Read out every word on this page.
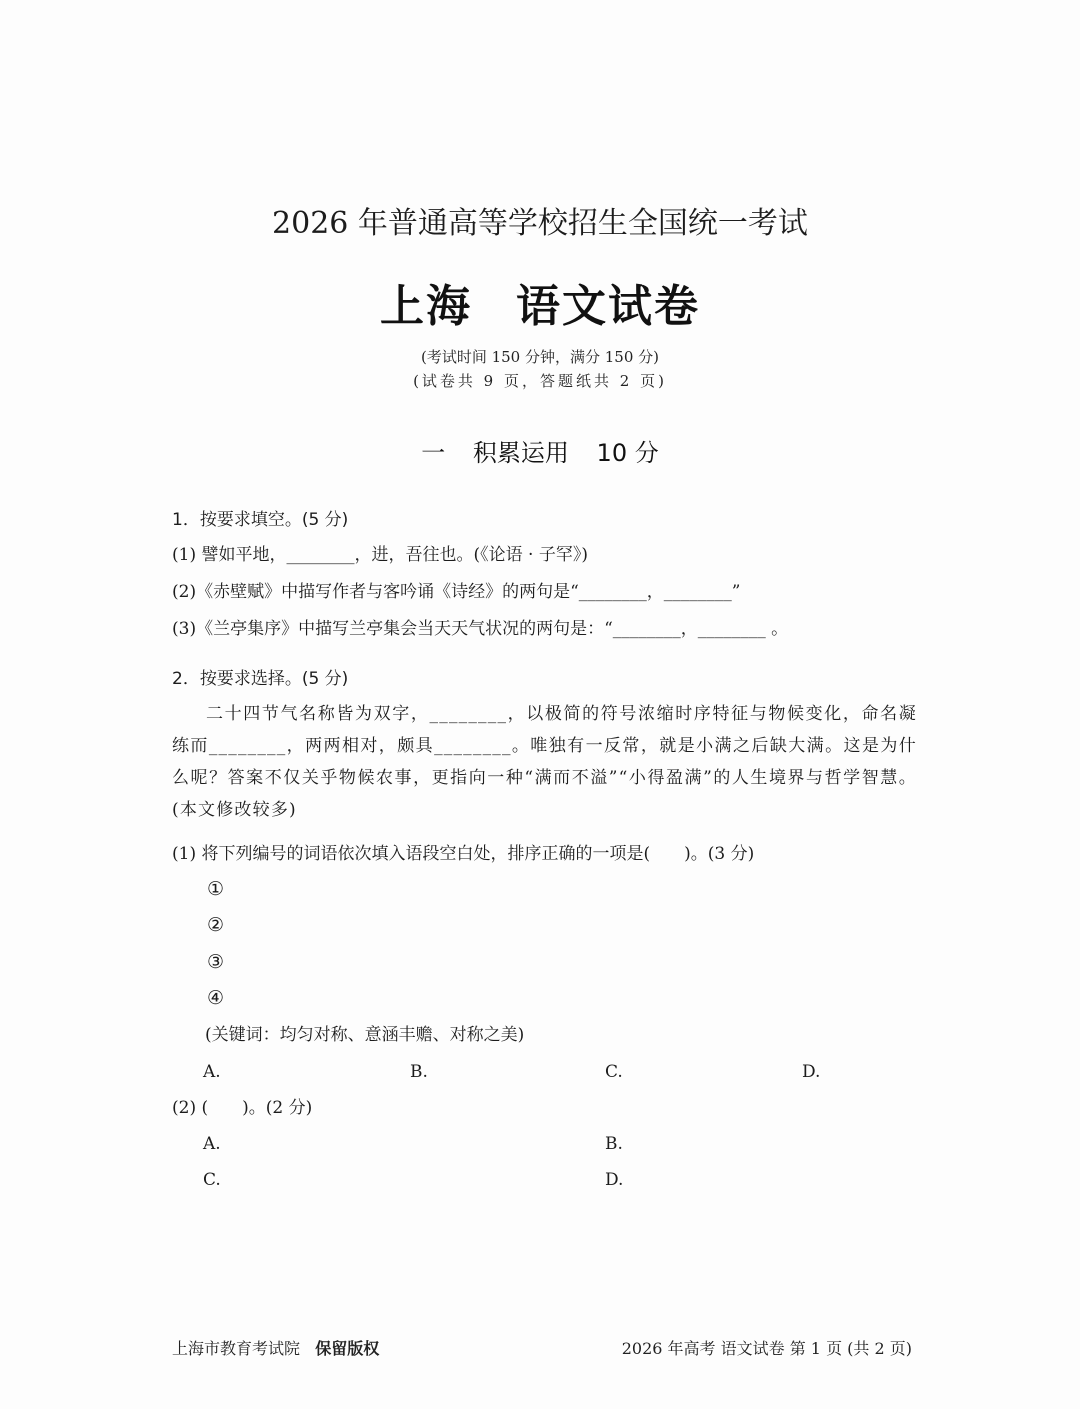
2026 年普通高等学校招生全国统一考试
上海 语文试卷
(考试时间 150 分钟，满分 150 分)
(试卷共 9 页，答题纸共 2 页)
一 积累运用 10 分
1．按要求填空。(5 分)
(1) 譬如平地，________，进，吾往也。(《论语 · 子罕》)
(2)《赤壁赋》中描写作者与客吟诵《诗经》的两句是“________，________”
(3)《兰亭集序》中描写兰亭集会当天天气状况的两句是：“________，________ 。
2．按要求选择。(5 分)
二十四节气名称皆为双字，________，以极简的符号浓缩时序特征与物候变化，命名凝练而________，两两相对，颇具________。唯独有一反常，就是小满之后缺大满。这是为什么呢？答案不仅关乎物候农事，更指向一种“满而不溢”“小得盈满”的人生境界与哲学智慧。(本文修改较多)
(1) 将下列编号的词语依次填入语段空白处，排序正确的一项是(　　)。(3 分)
①
②
③
④
(关键词：均匀对称、意涵丰赡、对称之美)
A.	B.	C.	D.
(2) (　　)。(2 分)
A.	B.
C.	D.
上海市教育考试院 保留版权	2026 年高考 语文试卷 第 1 页 (共 2 页)
